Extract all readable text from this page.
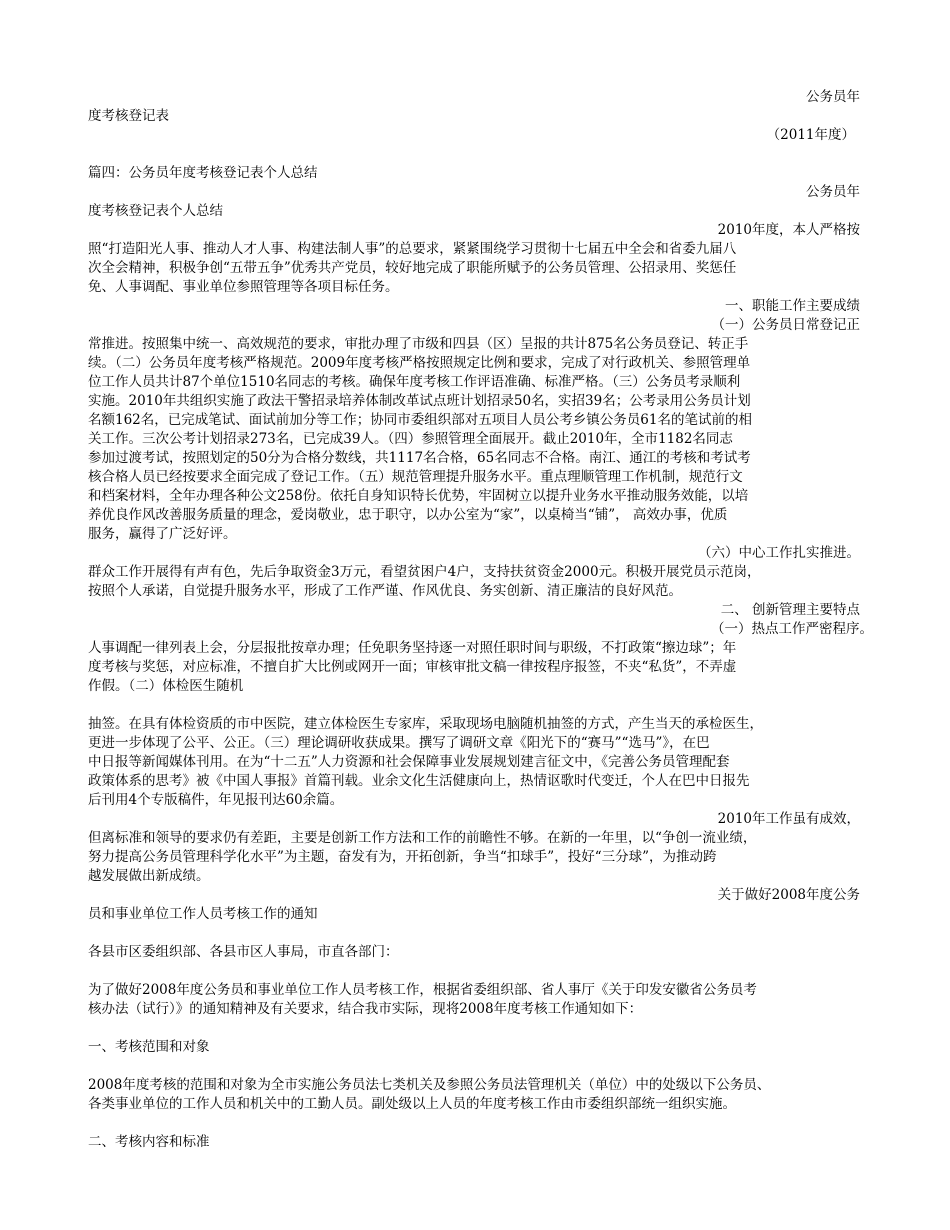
公务员年

度考核登记表

（2011年度）

篇四：公务员年度考核登记表个人总结

公务员年

度考核登记表个人总结

2010年度，本人严格按

照“打造阳光人事、推动人才人事、构建法制人事”的总要求，紧紧围绕学习贯彻十七届五中全会和省委九届八

次全会精神，积极争创“五带五争”优秀共产党员，较好地完成了职能所赋予的公务员管理、公招录用、奖惩任

免、人事调配、事业单位参照管理等各项目标任务。

一、职能工作主要成绩

（一）公务员日常登记正

常推进。按照集中统一、高效规范的要求，审批办理了市级和四县（区）呈报的共计875名公务员登记、转正手

续。（二）公务员年度考核严格规范。2009年度考核严格按照规定比例和要求，完成了对行政机关、参照管理单

位工作人员共计87个单位1510名同志的考核。确保年度考核工作评语准确、标准严格。（三）公务员考录顺利

实施。2010年共组织实施了政法干警招录培养体制改革试点班计划招录50名，实招39名；公考录用公务员计划

名额162名，已完成笔试、面试前加分等工作；协同市委组织部对五项目人员公考乡镇公务员61名的笔试前的相

关工作。三次公考计划招录273名，已完成39人。（四）参照管理全面展开。截止2010年，全市1182名同志

参加过渡考试，按照划定的50分为合格分数线，共1117名合格，65名同志不合格。南江、通江的考核和考试考

核合格人员已经按要求全面完成了登记工作。（五）规范管理提升服务水平。重点理顺管理工作机制，规范行文

和档案材料，全年办理各种公文258份。依托自身知识特长优势，牢固树立以提升业务水平推动服务效能，以培

养优良作风改善服务质量的理念，爱岗敬业，忠于职守，以办公室为“家”，以桌椅当“铺”， 高效办事，优质

服务，赢得了广泛好评。

（六）中心工作扎实推进。

群众工作开展得有声有色，先后争取资金3万元，看望贫困户4户，支持扶贫资金2000元。积极开展党员示范岗，

按照个人承诺，自觉提升服务水平，形成了工作严谨、作风优良、务实创新、清正廉洁的良好风范。

二、 创新管理主要特点

（一）热点工作严密程序。

人事调配一律列表上会，分层报批按章办理；任免职务坚持逐一对照任职时间与职级，不打政策“擦边球”；年

度考核与奖惩，对应标准，不擅自扩大比例或网开一面；审核审批文稿一律按程序报签，不夹“私货”，不弄虚

作假。（二）体检医生随机

抽签。在具有体检资质的市中医院，建立体检医生专家库，采取现场电脑随机抽签的方式，产生当天的承检医生，

更进一步体现了公平、公正。（三）理论调研收获成果。撰写了调研文章《阳光下的“赛马”“选马”》，在巴

中日报等新闻媒体刊用。在为“十二五”人力资源和社会保障事业发展规划建言征文中，《完善公务员管理配套

政策体系的思考》被《中国人事报》首篇刊载。业余文化生活健康向上，热情讴歌时代变迁，个人在巴中日报先

后刊用4个专版稿件，年见报刊达60余篇。

2010年工作虽有成效，

但离标准和领导的要求仍有差距，主要是创新工作方法和工作的前瞻性不够。在新的一年里，以“争创一流业绩，

努力提高公务员管理科学化水平”为主题，奋发有为，开拓创新，争当“扣球手”，投好“三分球”，为推动跨

越发展做出新成绩。

关于做好2008年度公务

员和事业单位工作人员考核工作的通知

各县市区委组织部、各县市区人事局，市直各部门：

为了做好2008年度公务员和事业单位工作人员考核工作，根据省委组织部、省人事厅《关于印发安徽省公务员考

核办法（试行）》的通知精神及有关要求，结合我市实际，现将2008年度考核工作通知如下：

一、考核范围和对象

2008年度考核的范围和对象为全市实施公务员法七类机关及参照公务员法管理机关（单位）中的处级以下公务员、

各类事业单位的工作人员和机关中的工勤人员。副处级以上人员的年度考核工作由市委组织部统一组织实施。

二、考核内容和标准
